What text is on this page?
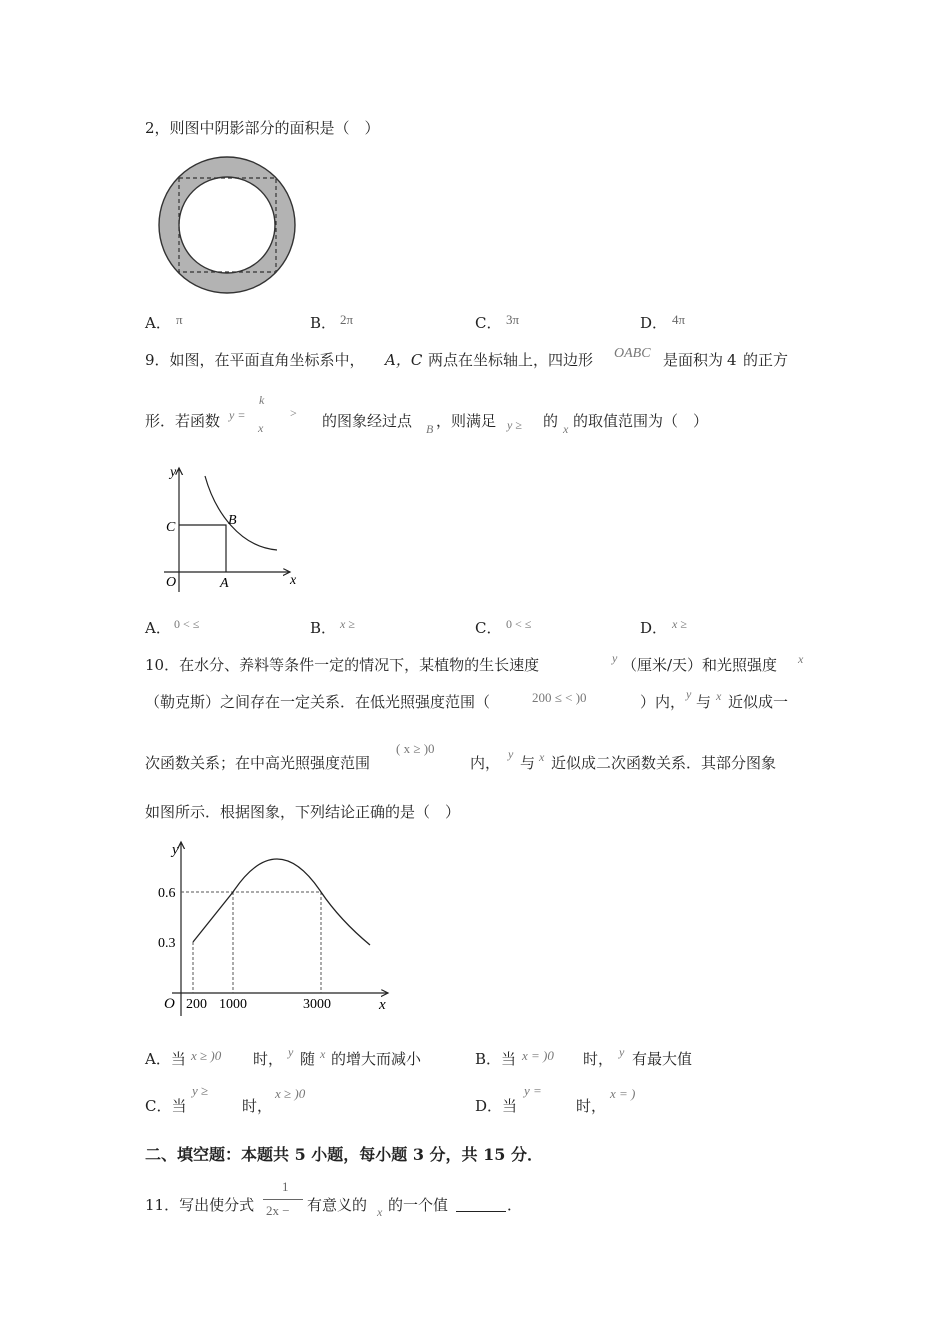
2，则图中阴影部分的面积是（　）
A． π	B． 2π	C． 3π	D． 4π
9．如图，在平面直角坐标系中， A，C 两点在坐标轴上，四边形 OABC 是面积为 4 的正方
形．若函数 y =
k
x
> 的图象经过点 B ，则满足 y ≥ 的 x 的取值范围为（　）
y
x
C	B
O	A
A． 0 < ≤	B． x ≥	C． 0 < ≤	D． x ≥
10．在水分、养料等条件一定的情况下，某植物的生长速度	y （厘米/天）和光照强度 x
（勒克斯）之间存在一定关系．在低光照强度范围（	200 ≤ < )0	）内， y 与 x 近似成一
次函数关系；在中高光照强度范围
( x ≥ )0
内， y 与 x 近似成二次函数关系．其部分图象
如图所示．根据图象，下列结论正确的是（　）
y
x
O
0.6
0.3
200 1000	3000
A．当 x ≥ )0 时， y 随 x 的增大而减小	B．当 x = )0 时， y 有最大值
C．当
y ≥
时，
x ≥ )0
D．当
y =
时，
x = )
二、填空题：本题共 5 小题，每小题 3 分，共 15 分．
11．写出使分式
1
2x − 有意义的 x 的一个值	．
